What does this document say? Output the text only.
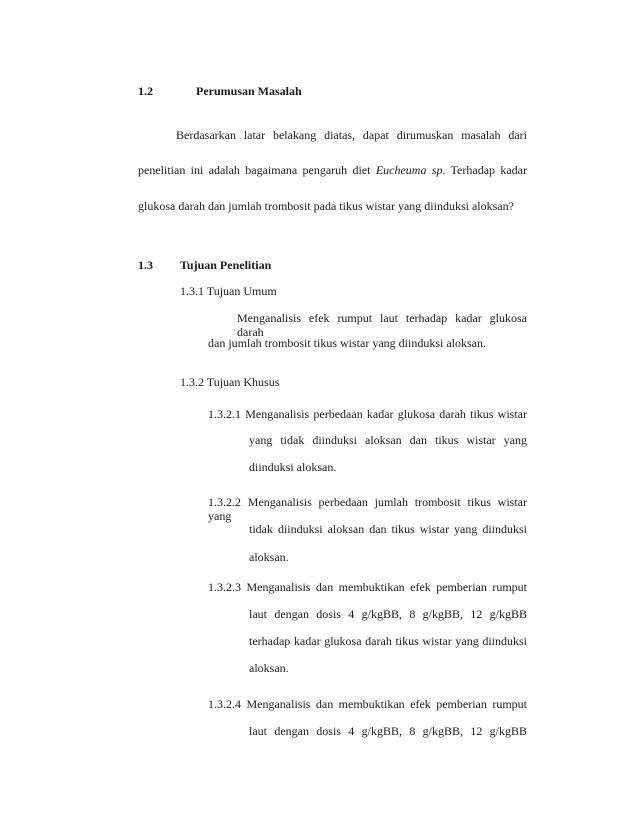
1.2	Perumusan Masalah
Berdasarkan latar belakang diatas, dapat dirumuskan masalah dari
penelitian ini adalah bagaimana pengaruh diet Eucheuma sp. Terhadap kadar
glukosa darah dan jumlah trombosit pada tikus wistar yang diinduksi aloksan?
1.3 Tujuan Penelitian
1.3.1 Tujuan Umum
Menganalisis efek rumput laut terhadap kadar glukosa darah
dan jumlah trombosit tikus wistar yang diinduksi aloksan.
1.3.2 Tujuan Khusus
1.3.2.1 Menganalisis perbedaan kadar glukosa darah tikus wistar
yang tidak diinduksi aloksan dan tikus wistar yang
diinduksi aloksan.
1.3.2.2 Menganalisis perbedaan jumlah trombosit tikus wistar yang
tidak diinduksi aloksan dan tikus wistar yang diinduksi
aloksan.
1.3.2.3 Menganalisis dan membuktikan efek pemberian rumput
laut dengan dosis 4 g/kgBB, 8 g/kgBB, 12 g/kgBB
terhadap kadar glukosa darah tikus wistar yang diinduksi
aloksan.
1.3.2.4 Menganalisis dan membuktikan efek pemberian rumput
laut dengan dosis 4 g/kgBB, 8 g/kgBB, 12 g/kgBB
